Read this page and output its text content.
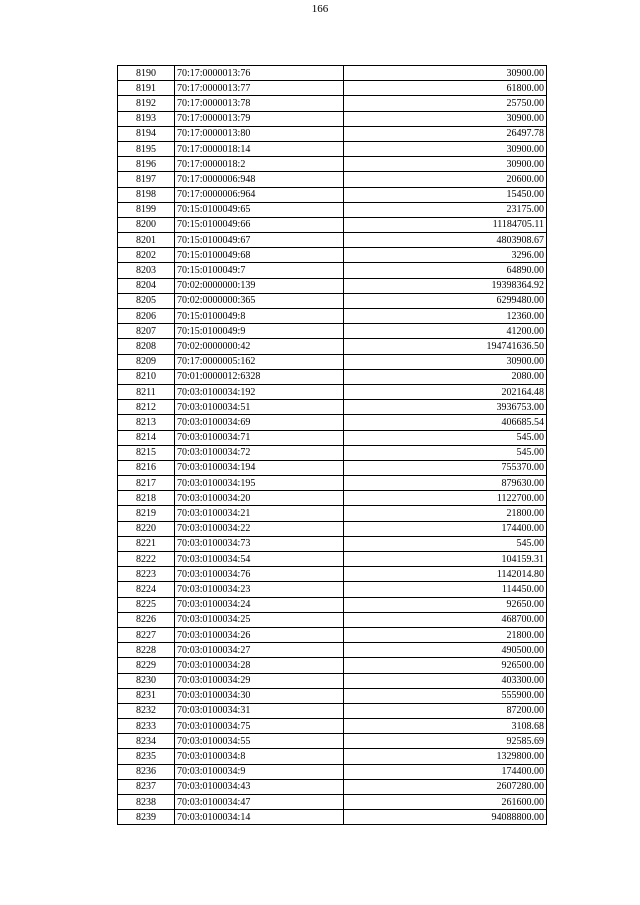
166
8190	70:17:0000013:76	30900.00
8191	70:17:0000013:77	61800.00
8192	70:17:0000013:78	25750.00
8193	70:17:0000013:79	30900.00
8194	70:17:0000013:80	26497.78
8195	70:17:0000018:14	30900.00
8196	70:17:0000018:2	30900.00
8197	70:17:0000006:948	20600.00
8198	70:17:0000006:964	15450.00
8199	70:15:0100049:65	23175.00
8200	70:15:0100049:66	11184705.11
8201	70:15:0100049:67	4803908.67
8202	70:15:0100049:68	3296.00
8203	70:15:0100049:7	64890.00
8204	70:02:0000000:139	19398364.92
8205	70:02:0000000:365	6299480.00
8206	70:15:0100049:8	12360.00
8207	70:15:0100049:9	41200.00
8208	70:02:0000000:42	194741636.50
8209	70:17:0000005:162	30900.00
8210	70:01:0000012:6328	2080.00
8211	70:03:0100034:192	202164.48
8212	70:03:0100034:51	3936753.00
8213	70:03:0100034:69	406685.54
8214	70:03:0100034:71	545.00
8215	70:03:0100034:72	545.00
8216	70:03:0100034:194	755370.00
8217	70:03:0100034:195	879630.00
8218	70:03:0100034:20	1122700.00
8219	70:03:0100034:21	21800.00
8220	70:03:0100034:22	174400.00
8221	70:03:0100034:73	545.00
8222	70:03:0100034:54	104159.31
8223	70:03:0100034:76	1142014.80
8224	70:03:0100034:23	114450.00
8225	70:03:0100034:24	92650.00
8226	70:03:0100034:25	468700.00
8227	70:03:0100034:26	21800.00
8228	70:03:0100034:27	490500.00
8229	70:03:0100034:28	926500.00
8230	70:03:0100034:29	403300.00
8231	70:03:0100034:30	555900.00
8232	70:03:0100034:31	87200.00
8233	70:03:0100034:75	3108.68
8234	70:03:0100034:55	92585.69
8235	70:03:0100034:8	1329800.00
8236	70:03:0100034:9	174400.00
8237	70:03:0100034:43	2607280.00
8238	70:03:0100034:47	261600.00
8239	70:03:0100034:14	94088800.00
